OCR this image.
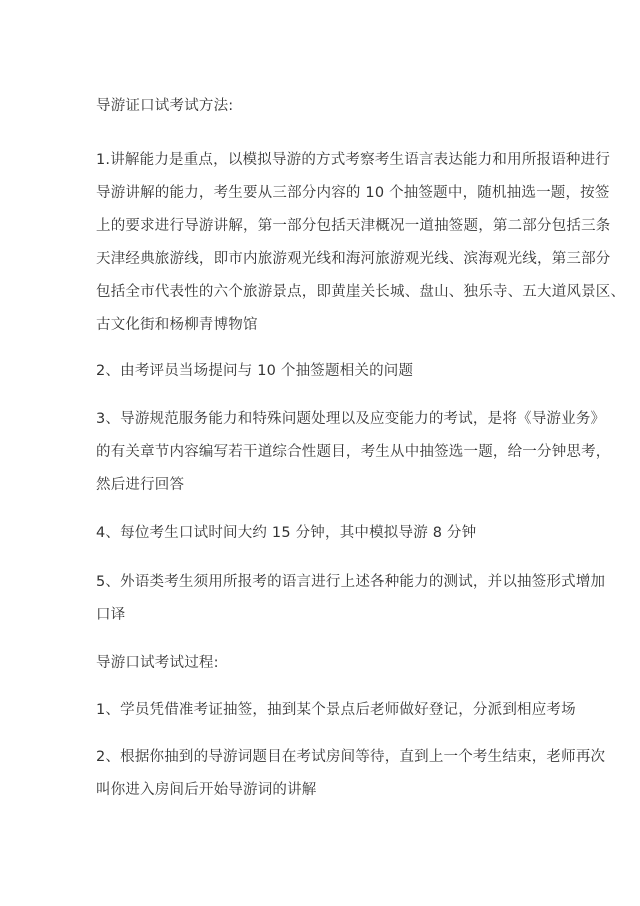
导游证口试考试方法:

1.讲解能力是重点，以模拟导游的方式考察考生语言表达能力和用所报语种进行
导游讲解的能力，考生要从三部分内容的 10 个抽签题中，随机抽选一题，按签
上的要求进行导游讲解，第一部分包括天津概况一道抽签题，第二部分包括三条
天津经典旅游线，即市内旅游观光线和海河旅游观光线、滨海观光线，第三部分
包括全市代表性的六个旅游景点，即黄崖关长城、盘山、独乐寺、五大道风景区、
古文化街和杨柳青博物馆

2、由考评员当场提问与 10 个抽签题相关的问题

3、导游规范服务能力和特殊问题处理以及应变能力的考试，是将《导游业务》
的有关章节内容编写若干道综合性题目，考生从中抽签选一题，给一分钟思考，
然后进行回答

4、每位考生口试时间大约 15 分钟，其中模拟导游 8 分钟

5、外语类考生须用所报考的语言进行上述各种能力的测试，并以抽签形式增加
口译

导游口试考试过程:

1、学员凭借准考证抽签，抽到某个景点后老师做好登记，分派到相应考场

2、根据你抽到的导游词题目在考试房间等待，直到上一个考生结束，老师再次
叫你进入房间后开始导游词的讲解
